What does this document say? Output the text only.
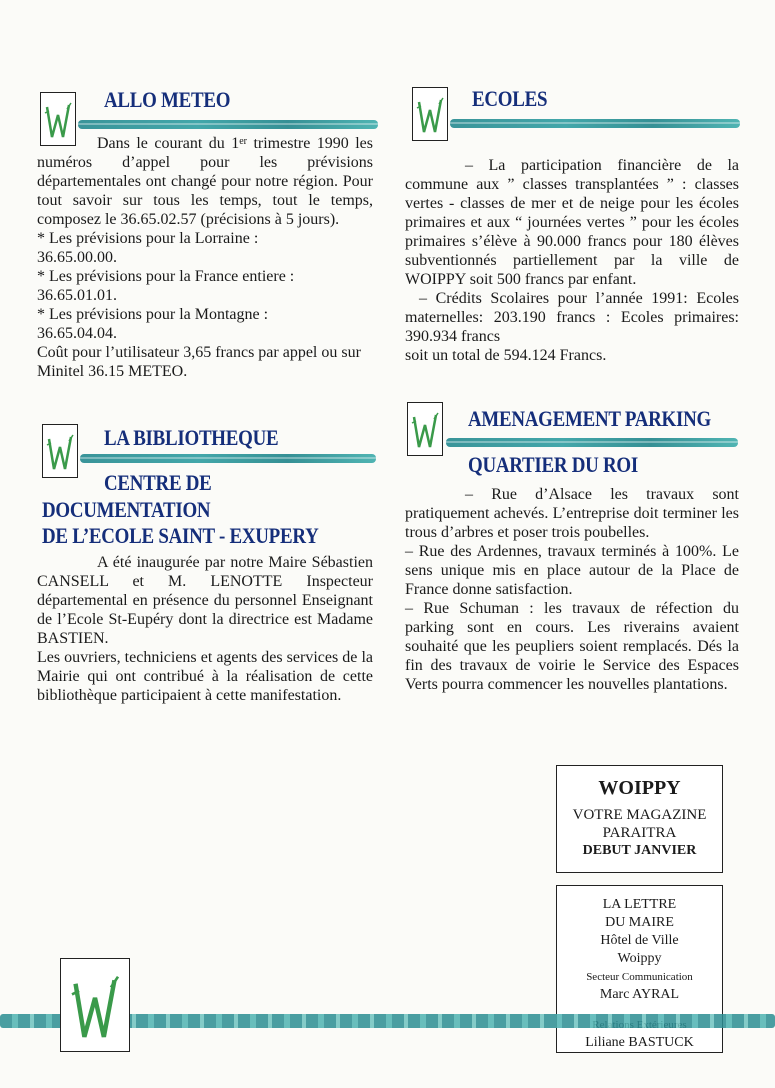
ALLO METEO

Dans le courant du 1er trimestre 1990 les numéros d’appel pour les prévisions départementales ont changé pour notre région. Pour tout savoir sur tous les temps, tout le temps, composez le 36.65.02.57 (précisions à 5 jours).

* Les prévisions pour la Lorraine :

36.65.00.00.

* Les prévisions pour la France entiere :

36.65.01.01.

* Les prévisions pour la Montagne :

36.65.04.04.

Coût pour l’utilisateur 3,65 francs par appel ou sur Minitel 36.15 METEO.

ECOLES

– La participation financière de la commune aux ” classes transplantées ” : classes vertes - classes de mer et de neige pour les écoles primaires et aux “ journées vertes ” pour les écoles primaires s’élève à 90.000 francs pour 180 élèves subventionnés partiellement par la ville de WOIPPY soit 500 francs par enfant.

– Crédits Scolaires pour l’année 1991: Ecoles maternelles: 203.190 francs : Ecoles primaires: 390.934 francs

soit un total de 594.124 Francs.

LA BIBLIOTHEQUE
CENTRE DE
DOCUMENTATION
DE L’ECOLE SAINT - EXUPERY

A été inaugurée par notre Maire Sébastien CANSELL et M. LENOTTE Inspecteur départemental en présence du personnel Enseignant de l’Ecole St-Eupéry dont la directrice est Madame BASTIEN.

Les ouvriers, techniciens et agents des services de la Mairie qui ont contribué à la réalisation de cette bibliothèque participaient à cette manifestation.

AMENAGEMENT PARKING
QUARTIER DU ROI

– Rue d’Alsace les travaux sont pratiquement achevés. L’entreprise doit terminer les trous d’arbres et poser trois poubelles.

– Rue des Ardennes, travaux terminés à 100%. Le sens unique mis en place autour de la Place de France donne satisfaction.

– Rue Schuman : les travaux de réfection du parking sont en cours. Les riverains avaient souhaité que les peupliers soient remplacés. Dés la fin des travaux de voirie le Service des Espaces Verts pourra commencer les nouvelles plantations.

WOIPPY
VOTRE MAGAZINE
PARAITRA
DEBUT JANVIER
LA LETTRE
DU MAIRE
Hôtel de Ville
Woippy
Secteur Communication
Marc AYRAL
Liliane BASTUCK
